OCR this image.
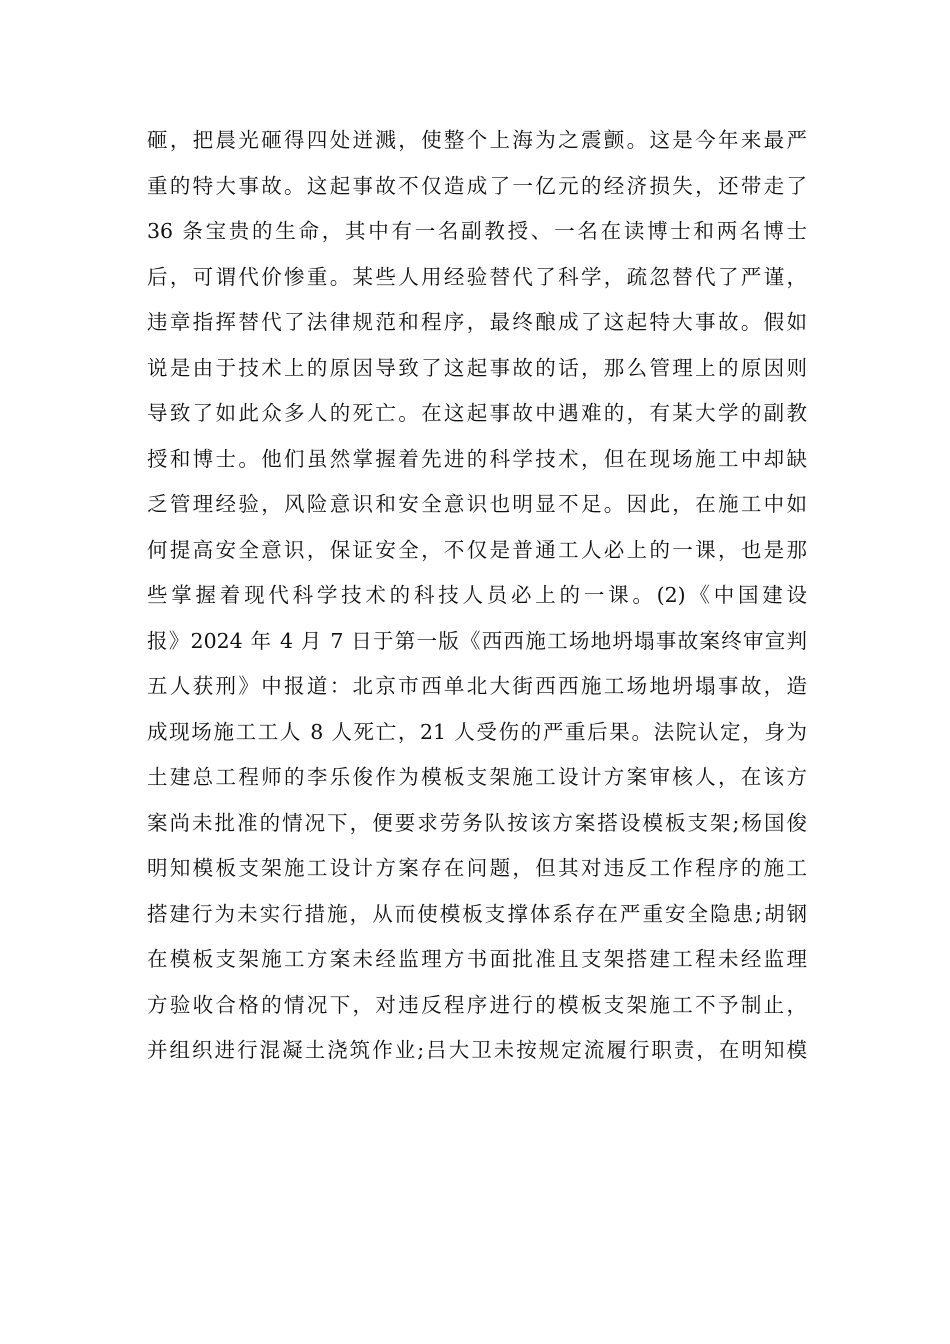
砸，把晨光砸得四处迸溅，使整个上海为之震颤。这是今年来最严
重的特大事故。这起事故不仅造成了一亿元的经济损失，还带走了
36 条宝贵的生命，其中有一名副教授、一名在读博士和两名博士
后，可谓代价惨重。某些人用经验替代了科学，疏忽替代了严谨，
违章指挥替代了法律规范和程序，最终酿成了这起特大事故。假如
说是由于技术上的原因导致了这起事故的话，那么管理上的原因则
导致了如此众多人的死亡。在这起事故中遇难的，有某大学的副教
授和博士。他们虽然掌握着先进的科学技术，但在现场施工中却缺
乏管理经验，风险意识和安全意识也明显不足。因此，在施工中如
何提高安全意识，保证安全，不仅是普通工人必上的一课，也是那
些掌握着现代科学技术的科技人员必上的一课。(2)《中国建设
报》2024 年 4 月 7 日于第一版《西西施工场地坍塌事故案终审宣判
五人获刑》中报道：北京市西单北大街西西施工场地坍塌事故，造
成现场施工工人 8 人死亡，21 人受伤的严重后果。法院认定，身为
土建总工程师的李乐俊作为模板支架施工设计方案审核人，在该方
案尚未批准的情况下，便要求劳务队按该方案搭设模板支架;杨国俊
明知模板支架施工设计方案存在问题，但其对违反工作程序的施工
搭建行为未实行措施，从而使模板支撑体系存在严重安全隐患;胡钢
在模板支架施工方案未经监理方书面批准且支架搭建工程未经监理
方验收合格的情况下，对违反程序进行的模板支架施工不予制止，
并组织进行混凝土浇筑作业;吕大卫未按规定流履行职责，在明知模
